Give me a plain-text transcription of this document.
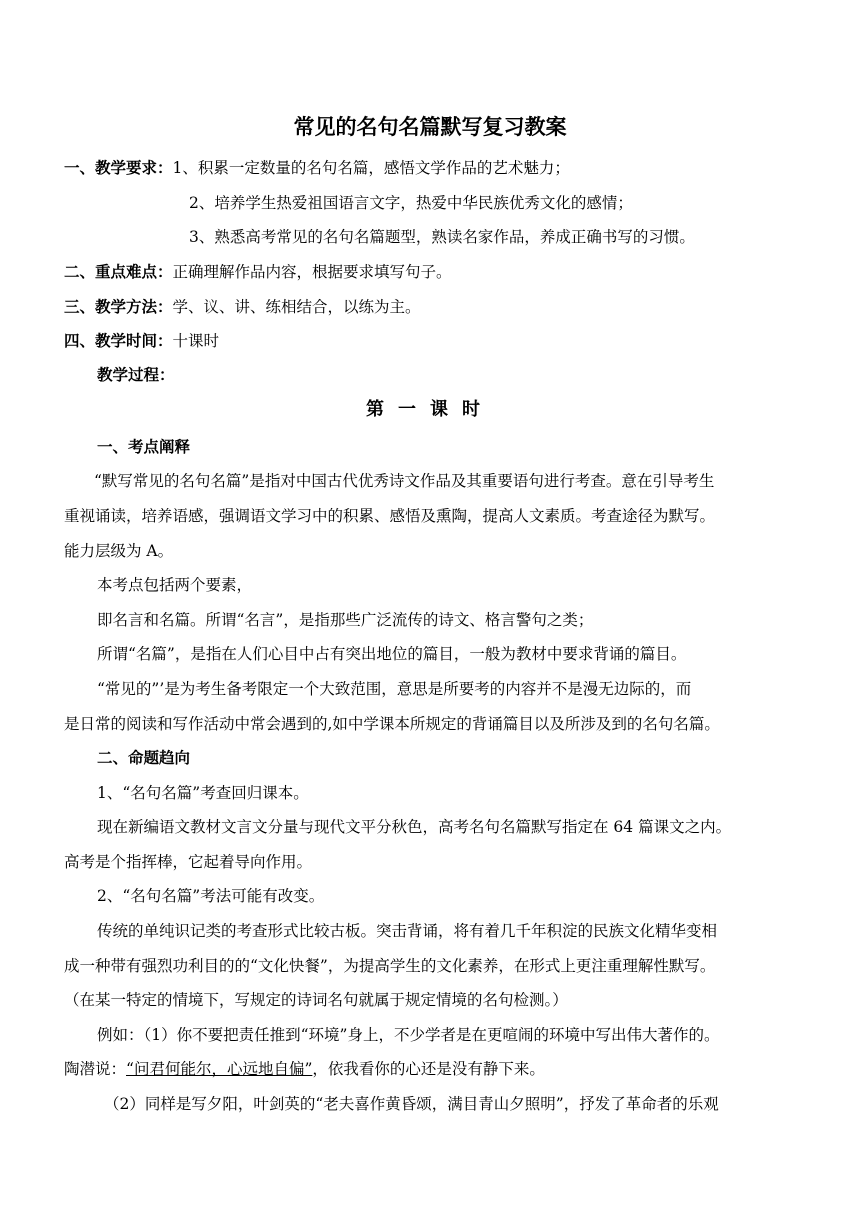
常见的名句名篇默写复习教案
一、教学要求：1、积累一定数量的名句名篇，感悟文学作品的艺术魅力；
2、培养学生热爱祖国语言文字，热爱中华民族优秀文化的感情；
3、熟悉高考常见的名句名篇题型，熟读名家作品，养成正确书写的习惯。
二、重点难点：正确理解作品内容，根据要求填写句子。
三、教学方法：学、议、讲、练相结合，以练为主。
四、教学时间：十课时
教学过程：
第一课时
一、考点阐释
“默写常见的名句名篇”是指对中国古代优秀诗文作品及其重要语句进行考查。意在引导考生
重视诵读，培养语感，强调语文学习中的积累、感悟及熏陶，提高人文素质。考查途径为默写。
能力层级为 A。
本考点包括两个要素，
即名言和名篇。所谓“名言”，是指那些广泛流传的诗文、格言警句之类；
所谓“名篇”，是指在人们心目中占有突出地位的篇目，一般为教材中要求背诵的篇目。
“常见的”’是为考生备考限定一个大致范围，意思是所要考的内容并不是漫无边际的，而
是日常的阅读和写作活动中常会遇到的,如中学课本所规定的背诵篇目以及所涉及到的名句名篇。
二、命题趋向
1、“名句名篇”考查回归课本。
现在新编语文教材文言文分量与现代文平分秋色，高考名句名篇默写指定在 64 篇课文之内。
高考是个指挥棒，它起着导向作用。
2、“名句名篇”考法可能有改变。
传统的单纯识记类的考查形式比较古板。突击背诵，将有着几千年积淀的民族文化精华变相
成一种带有强烈功利目的的“文化快餐”，为提高学生的文化素养，在形式上更注重理解性默写。
（在某一特定的情境下，写规定的诗词名句就属于规定情境的名句检测。）
例如：（1）你不要把责任推到“环境”身上，不少学者是在更喧闹的环境中写出伟大著作的。
陶潜说：“问君何能尔，心远地自偏”，依我看你的心还是没有静下来。
（2）同样是写夕阳，叶剑英的“老夫喜作黄昏颂，满目青山夕照明”，抒发了革命者的乐观
